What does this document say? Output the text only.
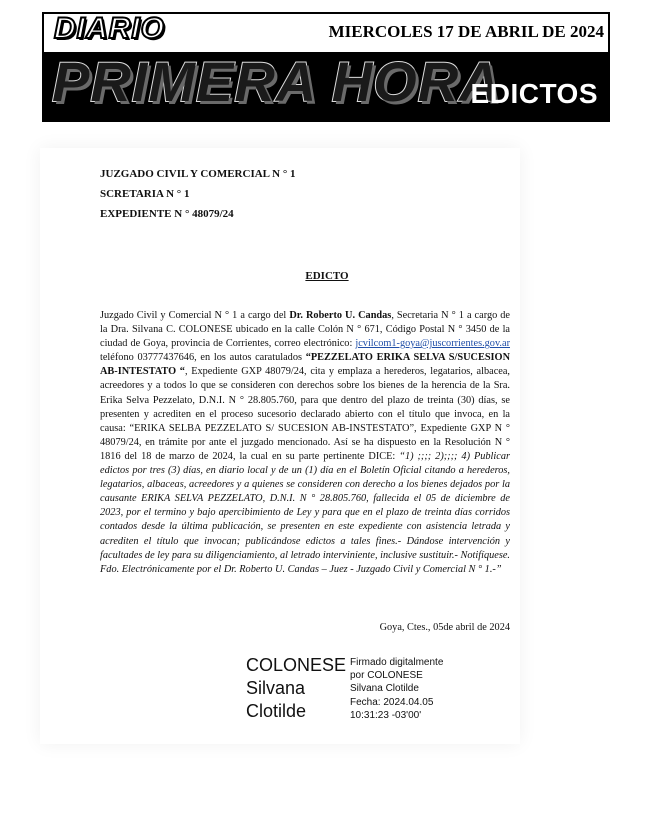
DIARIO
PRIMERA HORA
MIERCOLES 17 DE ABRIL DE 2024
EDICTOS
JUZGADO CIVIL Y COMERCIAL N ° 1
SCRETARIA N ° 1
EXPEDIENTE N ° 48079/24
EDICTO
Juzgado Civil y Comercial N ° 1 a cargo del Dr. Roberto U. Candas, Secretaria N ° 1 a cargo de la Dra. Silvana C. COLONESE ubicado en la calle Colón N ° 671, Código Postal N ° 3450 de la ciudad de Goya, provincia de Corrientes, correo electrónico: jcvilcom1-goya@juscorrientes.gov.ar teléfono 03777437646, en los autos caratulados “PEZZELATO ERIKA SELVA S/SUCESION AB-INTESTATO “, Expediente GXP 48079/24, cita y emplaza a herederos, legatarios, albacea, acreedores y a todos lo que se consideren con derechos sobre los bienes de la herencia de la Sra. Erika Selva Pezzelato, D.N.I. N ° 28.805.760, para que dentro del plazo de treinta (30) días, se presenten y acrediten en el proceso sucesorio declarado abierto con el título que invoca, en la causa: “ERIKA SELBA PEZZELATO S/ SUCESION AB-INSTESTATO”, Expediente GXP N ° 48079/24, en trámite por ante el juzgado mencionado. Así se ha dispuesto en la Resolución N ° 1816 del 18 de marzo de 2024, la cual en su parte pertinente DICE: “1) ;;;; 2);;;; 4) Publicar edictos por tres (3) días, en diario local y de un (1) día en el Boletín Oficial citando a herederos, legatarios, albaceas, acreedores y a quienes se consideren con derecho a los bienes dejados por la causante ERIKA SELVA PEZZELATO, D.N.I. N ° 28.805.760, fallecida el 05 de diciembre de 2023, por el termino y bajo apercibimiento de Ley y para que en el plazo de treinta días corridos contados desde la última publicación, se presenten en este expediente con asistencia letrada y acrediten el título que invocan; publicándose edictos a tales fines.- Dándose intervención y facultades de ley para su diligenciamiento, al letrado interviniente, inclusive sustituir.- Notifíquese. Fdo. Electrónicamente por el Dr. Roberto U. Candas – Juez - Juzgado Civil y Comercial N ° 1.-”
Goya, Ctes., 05de abril de 2024
COLONESE
Silvana
Clotilde
Firmado digitalmente
por COLONESE
Silvana Clotilde
Fecha: 2024.04.05
10:31:23 -03'00'
